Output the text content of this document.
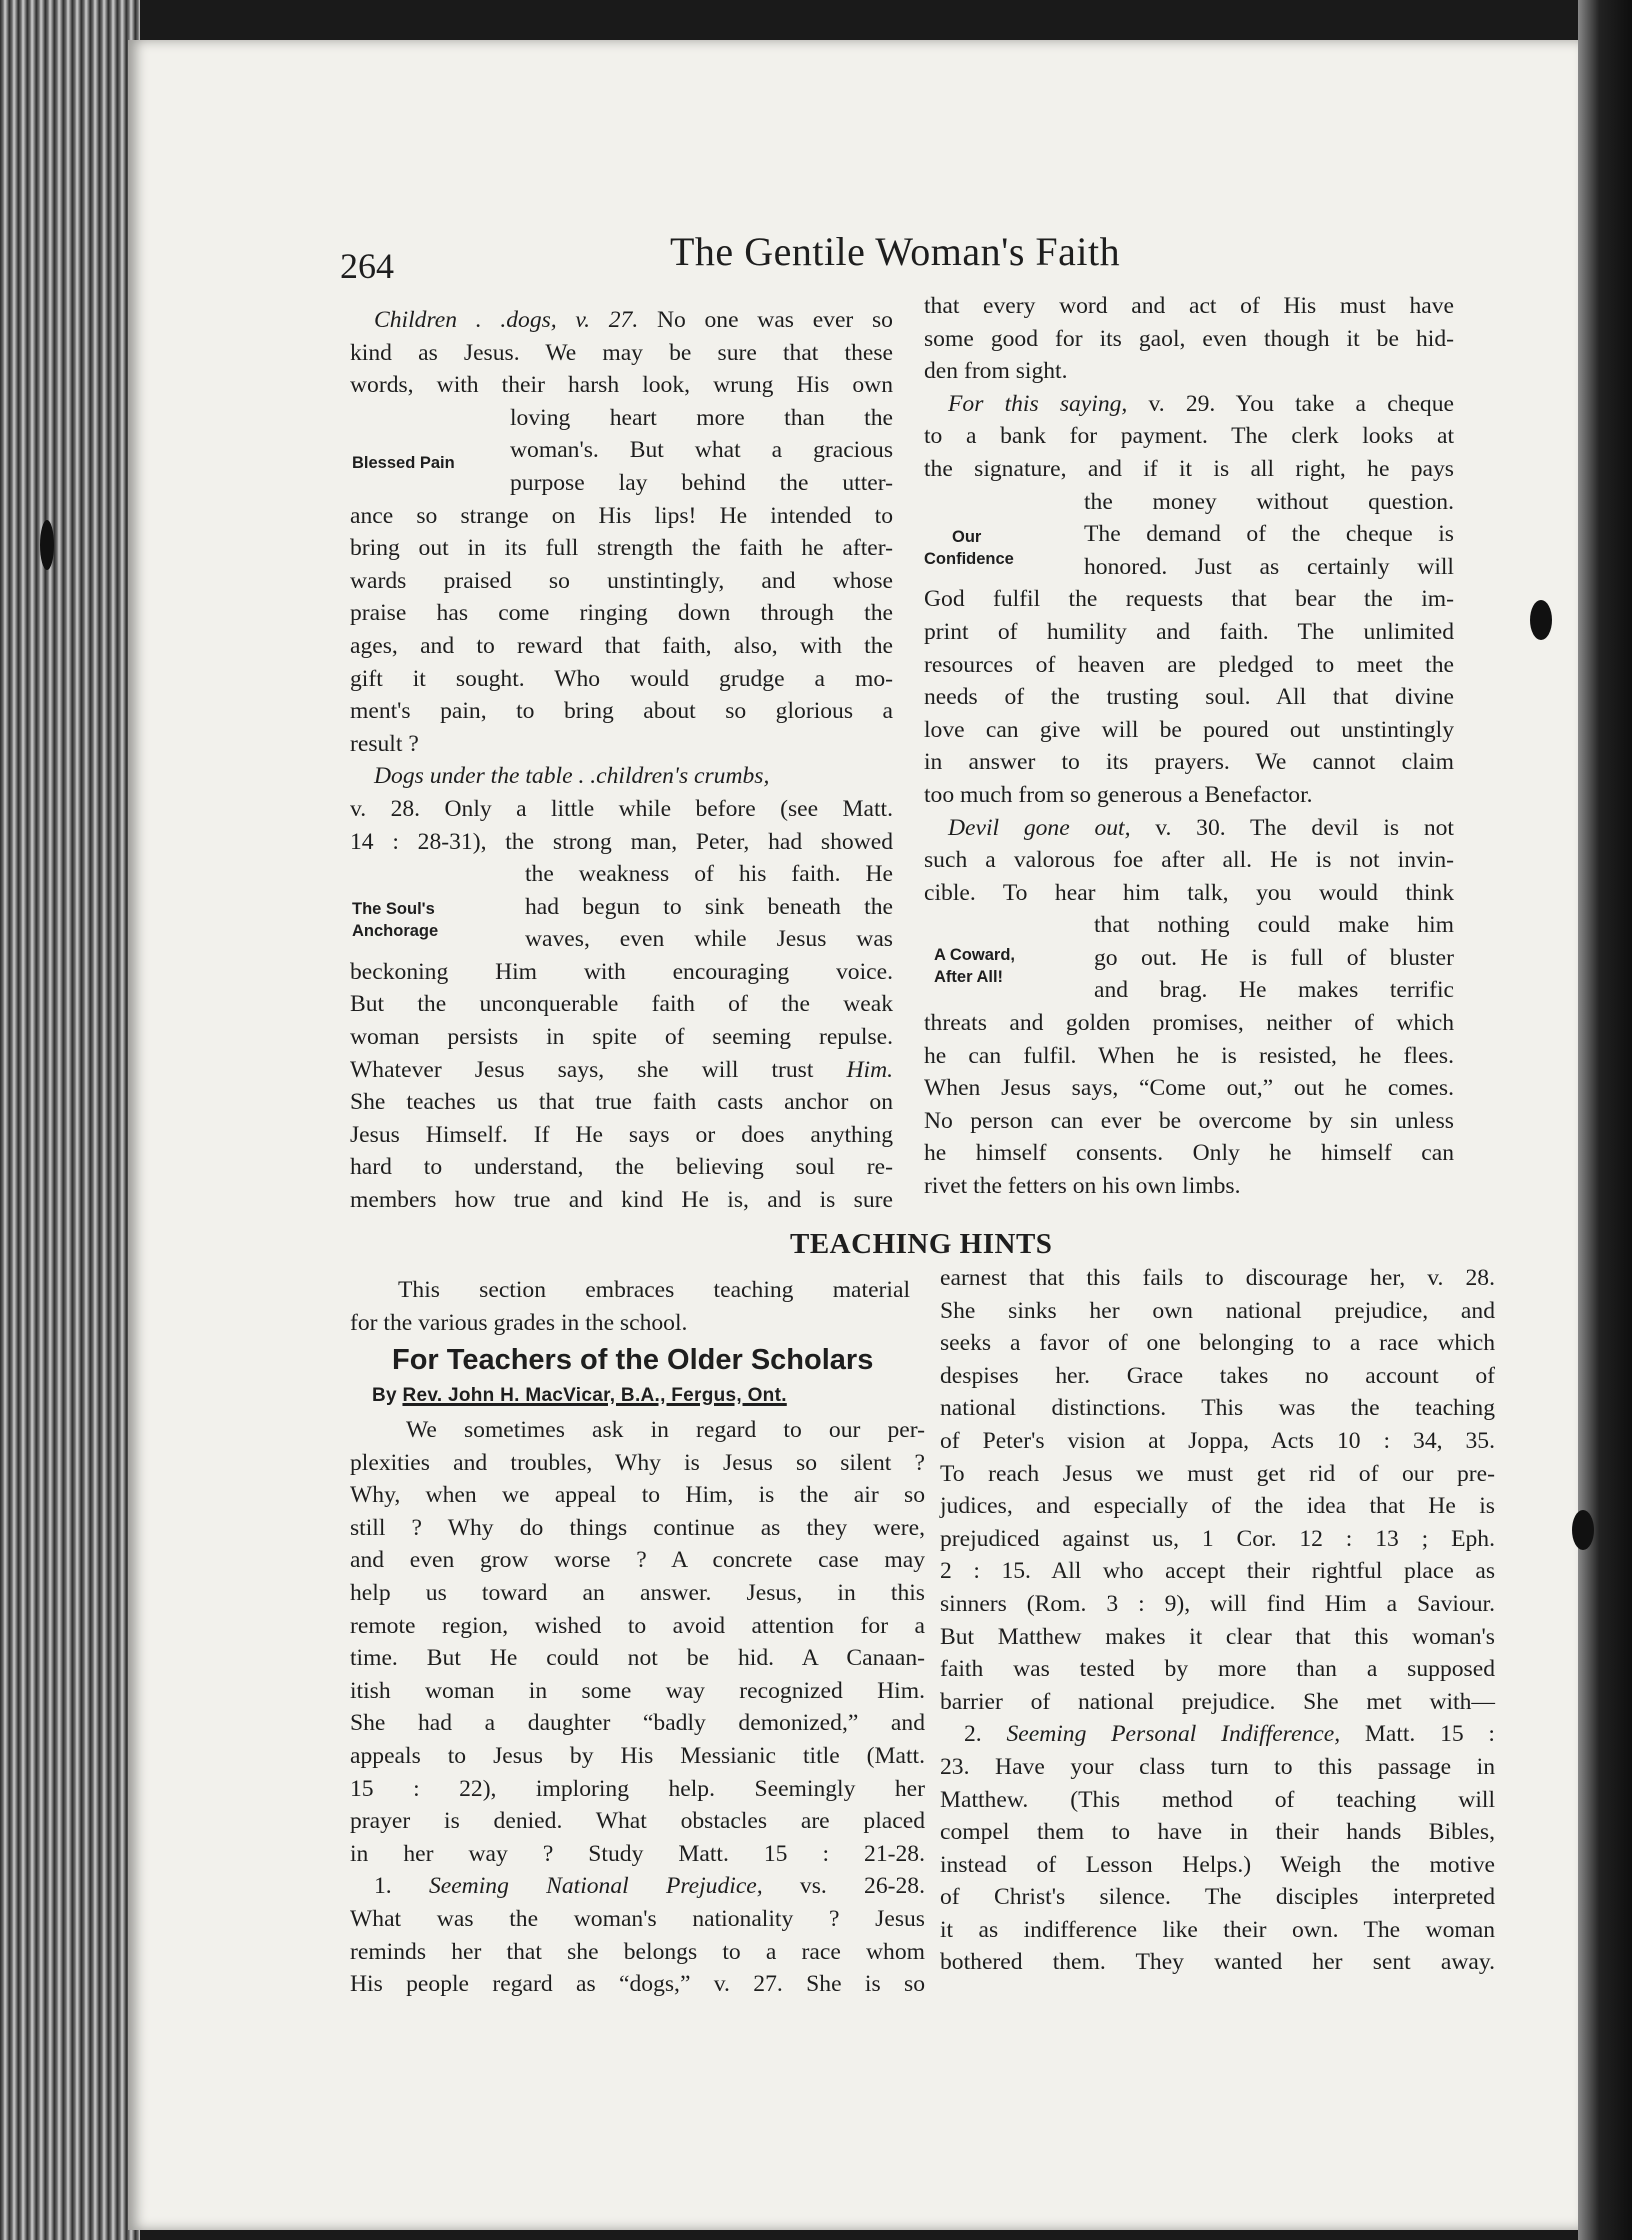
264	The Gentile Woman's Faith
Children . .dogs, v. 27. No one was ever so
kind as Jesus. We may be sure that these
words, with their harsh look, wrung His own
loving heart more than the
woman's. But what a gracious
purpose lay behind the utter-
ance so strange on His lips! He intended to
bring out in its full strength the faith he after-
wards praised so unstintingly, and whose
praise has come ringing down through the
ages, and to reward that faith, also, with the
gift it sought. Who would grudge a mo-
ment's pain, to bring about so glorious a
result ?
Dogs under the table . .children's crumbs,
v. 28. Only a little while before (see Matt.
14 : 28-31), the strong man, Peter, had showed
the weakness of his faith. He
had begun to sink beneath the
waves, even while Jesus was
beckoning Him with encouraging voice.
But the unconquerable faith of the weak
woman persists in spite of seeming repulse.
Whatever Jesus says, she will trust Him.
She teaches us that true faith casts anchor on
Jesus Himself. If He says or does anything
hard to understand, the believing soul re-
members how true and kind He is, and is sure
that every word and act of His must have
some good for its gaol, even though it be hid-
den from sight.
For this saying, v. 29. You take a cheque
to a bank for payment. The clerk looks at
the signature, and if it is all right, he pays
the money without question.
The demand of the cheque is
honored. Just as certainly will
God fulfil the requests that bear the im-
print of humility and faith. The unlimited
resources of heaven are pledged to meet the
needs of the trusting soul. All that divine
love can give will be poured out unstintingly
in answer to its prayers. We cannot claim
too much from so generous a Benefactor.
Devil gone out, v. 30. The devil is not
such a valorous foe after all. He is not invin-
cible. To hear him talk, you would think
that nothing could make him
go out. He is full of bluster
and brag. He makes terrific
threats and golden promises, neither of which
he can fulfil. When he is resisted, he flees.
When Jesus says, “Come out,” out he comes.
No person can ever be overcome by sin unless
he himself consents. Only he himself can
rivet the fetters on his own limbs.
Blessed Pain
The Soul's
Anchorage
Our
Confidence
A Coward,
After All!
TEACHING HINTS
This section embraces teaching material
for the various grades in the school.
For Teachers of the Older Scholars
By Rev. John H. MacVicar, B.A., Fergus, Ont.
We sometimes ask in regard to our per-
plexities and troubles, Why is Jesus so silent ?
Why, when we appeal to Him, is the air so
still ? Why do things continue as they were,
and even grow worse ? A concrete case may
help us toward an answer. Jesus, in this
remote region, wished to avoid attention for a
time. But He could not be hid. A Canaan-
itish woman in some way recognized Him.
She had a daughter “badly demonized,” and
appeals to Jesus by His Messianic title (Matt.
15 : 22), imploring help. Seemingly her
prayer is denied. What obstacles are placed
in her way ? Study Matt. 15 : 21-28.
1. Seeming National Prejudice, vs. 26-28.
What was the woman's nationality ? Jesus
reminds her that she belongs to a race whom
His people regard as “dogs,” v. 27. She is so
earnest that this fails to discourage her, v. 28.
She sinks her own national prejudice, and
seeks a favor of one belonging to a race which
despises her. Grace takes no account of
national distinctions. This was the teaching
of Peter's vision at Joppa, Acts 10 : 34, 35.
To reach Jesus we must get rid of our pre-
judices, and especially of the idea that He is
prejudiced against us, 1 Cor. 12 : 13 ; Eph.
2 : 15. All who accept their rightful place as
sinners (Rom. 3 : 9), will find Him a Saviour.
But Matthew makes it clear that this woman's
faith was tested by more than a supposed
barrier of national prejudice. She met with—
2. Seeming Personal Indifference, Matt. 15 :
23. Have your class turn to this passage in
Matthew. (This method of teaching will
compel them to have in their hands Bibles,
instead of Lesson Helps.) Weigh the motive
of Christ's silence. The disciples interpreted
it as indifference like their own. The woman
bothered them. They wanted her sent away.
